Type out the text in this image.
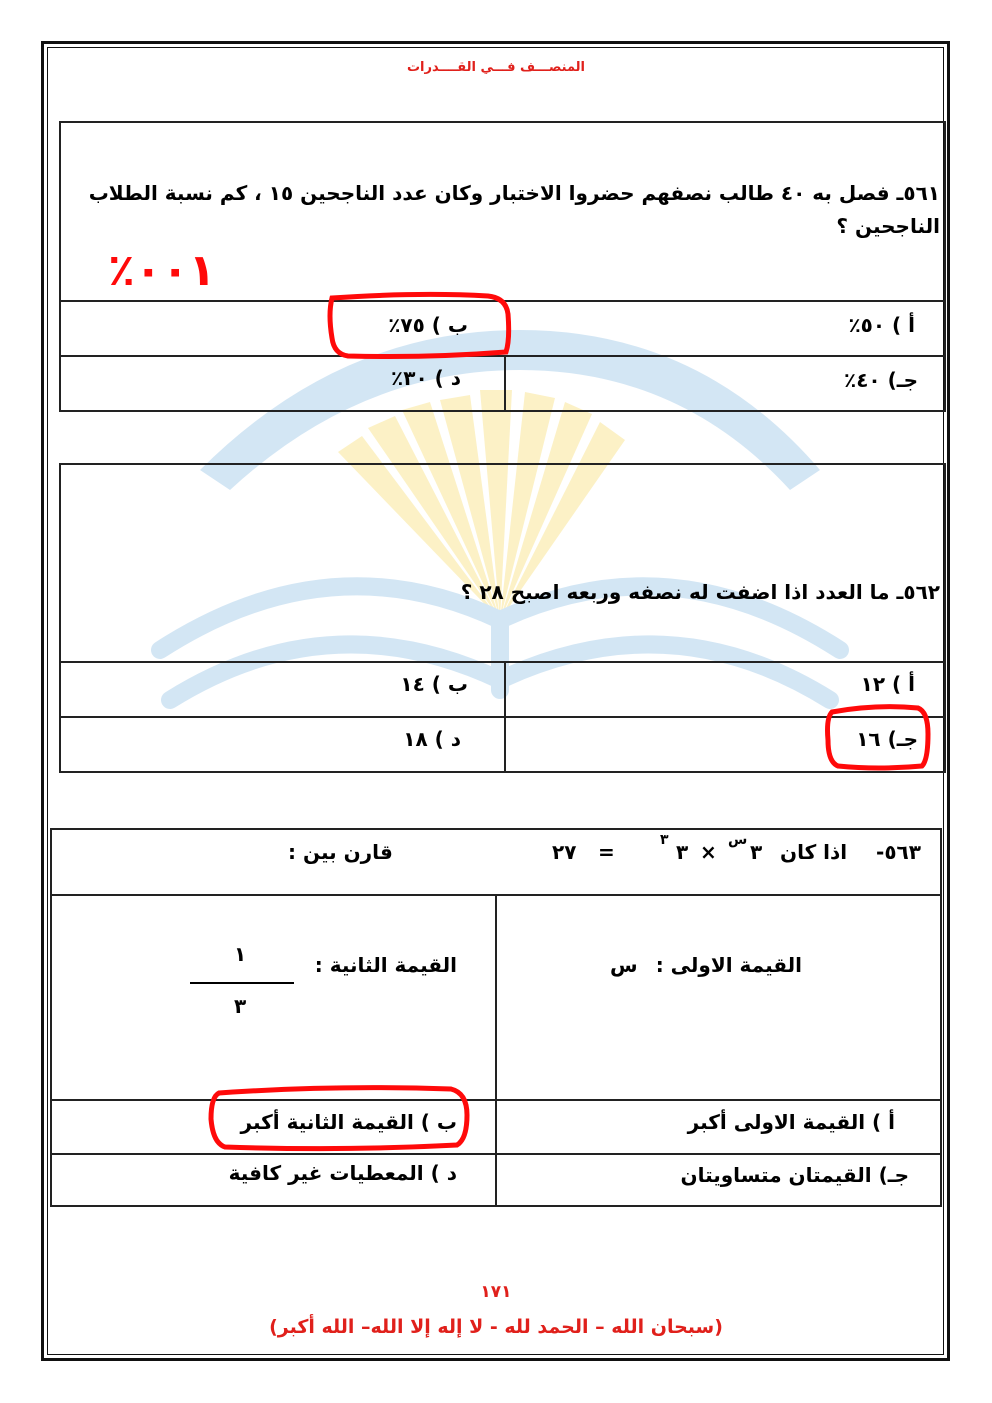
المنصـــف فـــي القــــدرات
٥٦١ـ فصل به ٤٠ طالب نصفهم حضروا الاختبار وكان عدد الناجحين ١٥ ، كم نسبة الطلاب الناجحين ؟
٠٠١٪
أ ) ٥٠٪
ب ) ٧٥٪
جـ) ٤٠٪
د ) ٣٠٪
٥٦٢ـ ما العدد اذا اضفت له نصفه وربعه اصبح ٢٨ ؟
أ ) ١٢
ب ) ١٤
جـ) ١٦
د ) ١٨
٥٦٣-
اذا كان
٣
س
×
٣
٣
=
٢٧
قارن بين :
القيمة الاولى :
س
القيمة الثانية :
١
٣
أ ) القيمة الاولى أكبر
ب ) القيمة الثانية أكبر
جـ) القيمتان متساويتان
د ) المعطيات غير كافية
١٧١
(سبحان الله – الحمد لله - لا إله إلا الله– الله أكبر)
